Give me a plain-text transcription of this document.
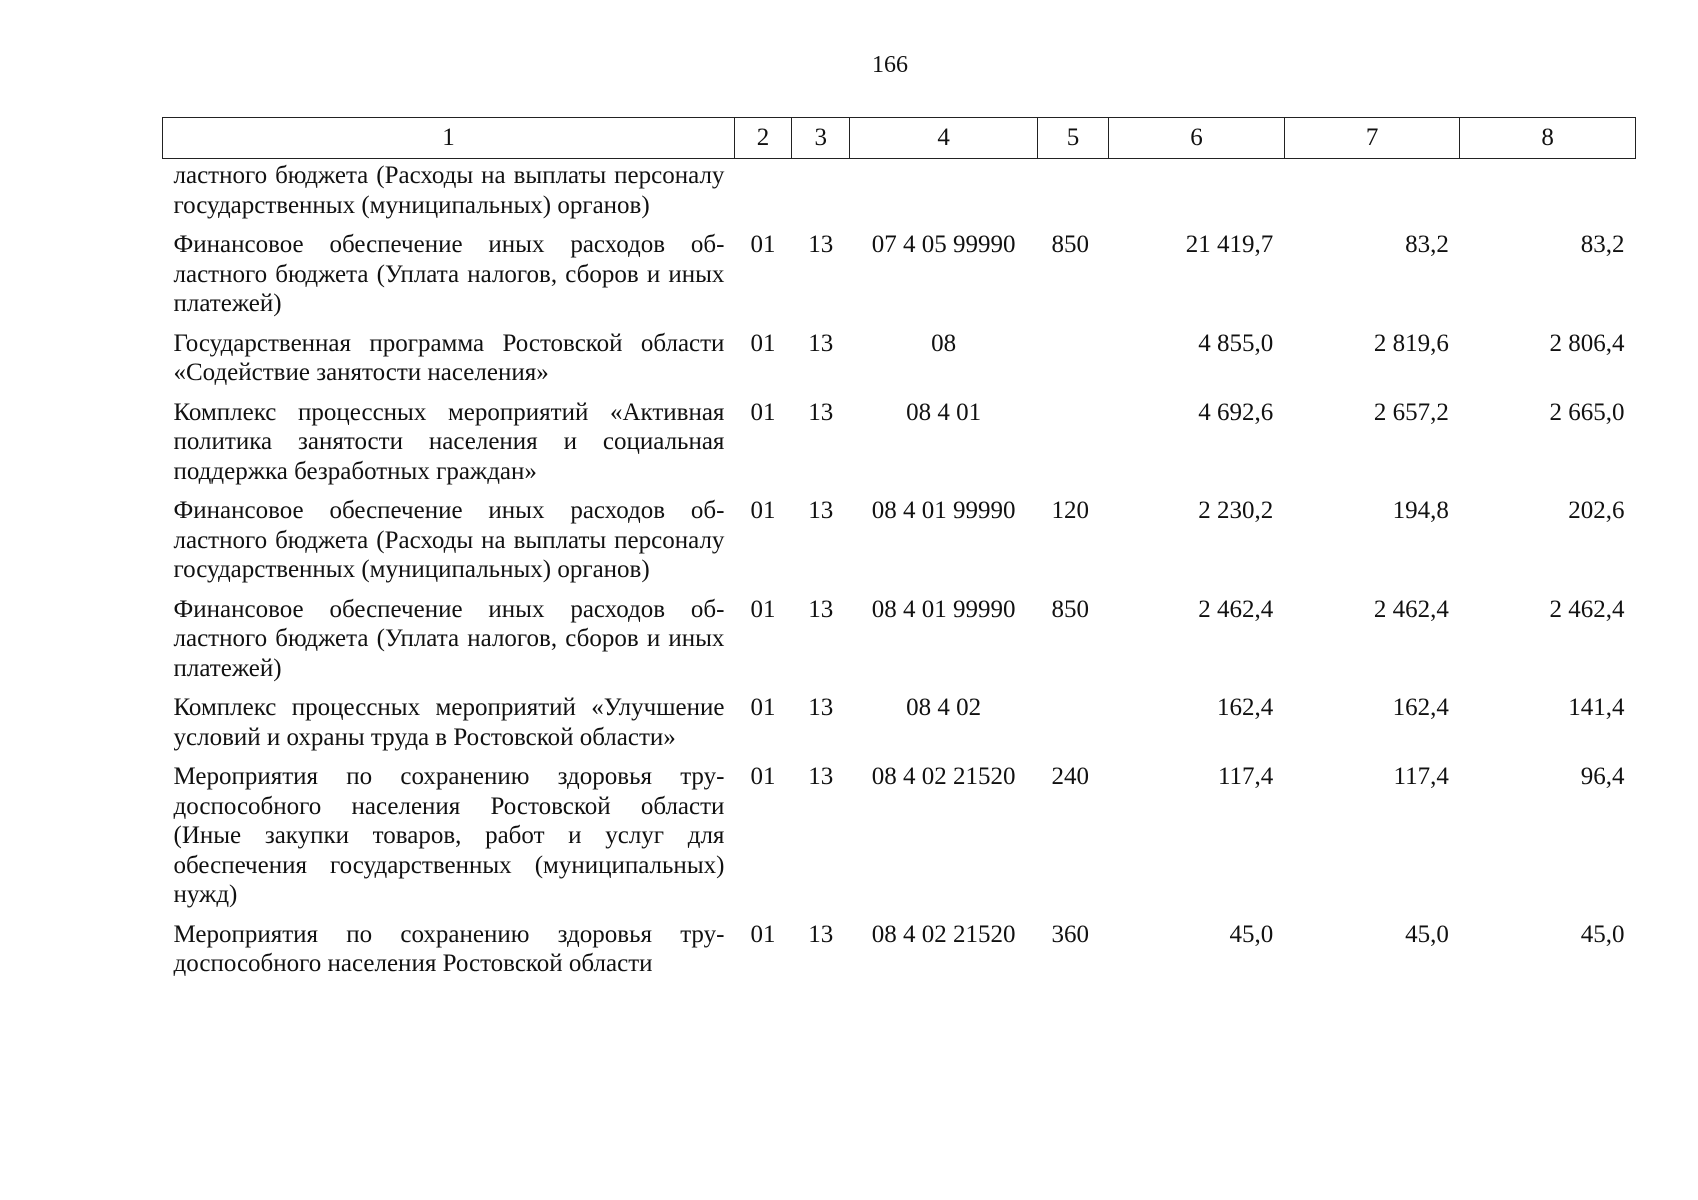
166
1	2	3	4	5	6	7	8
ластного бюджета (Расходы на выплаты персоналу государственных (муниципальных) органов)							
Финансовое обеспечение иных расходов областного бюджета (Уплата налогов, сборов и иных платежей)	01	13	07 4 05 99990	850	21 419,7	83,2	83,2
Государственная программа Ростовской области «Содействие занятости населения»	01	13	08		4 855,0	2 819,6	2 806,4
Комплекс процессных мероприятий «Активная политика занятости населения и социальная поддержка безработных граждан»	01	13	08 4 01		4 692,6	2 657,2	2 665,0
Финансовое обеспечение иных расходов областного бюджета (Расходы на выплаты персоналу государственных (муниципальных) органов)	01	13	08 4 01 99990	120	2 230,2	194,8	202,6
Финансовое обеспечение иных расходов областного бюджета (Уплата налогов, сборов и иных платежей)	01	13	08 4 01 99990	850	2 462,4	2 462,4	2 462,4
Комплекс процессных мероприятий «Улучшение условий и охраны труда в Ростовской области»	01	13	08 4 02		162,4	162,4	141,4
Мероприятия по сохранению здоровья трудоспособного населения Ростовской области (Иные закупки товаров, работ и услуг для обеспечения государственных (муниципальных) нужд)	01	13	08 4 02 21520	240	117,4	117,4	96,4
Мероприятия по сохранению здоровья трудоспособного населения Ростовской области	01	13	08 4 02 21520	360	45,0	45,0	45,0
